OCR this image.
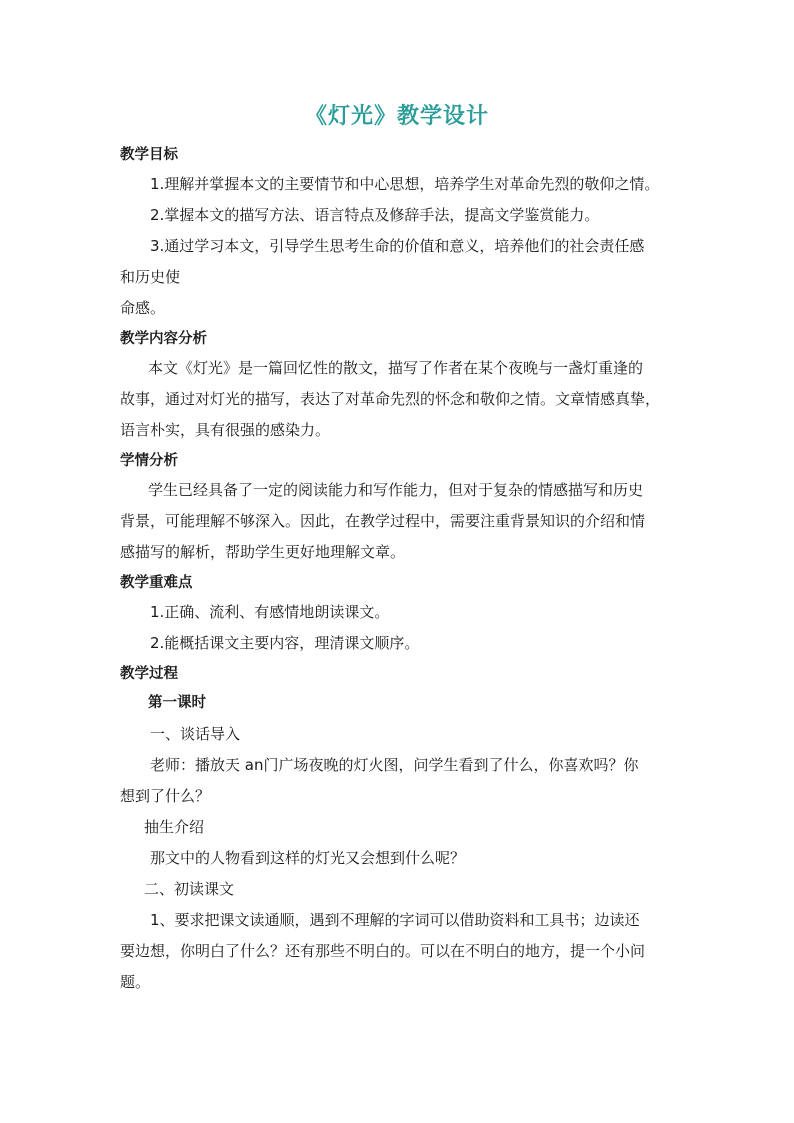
《灯光》教学设计
教学目标
1.理解并掌握本文的主要情节和中心思想，培养学生对革命先烈的敬仰之情。
2.掌握本文的描写方法、语言特点及修辞手法，提高文学鉴赏能力。
3.通过学习本文，引导学生思考生命的价值和意义，培养他们的社会责任感
和历史使
命感。
教学内容分析
本文《灯光》是一篇回忆性的散文，描写了作者在某个夜晚与一盏灯重逢的
故事，通过对灯光的描写，表达了对革命先烈的怀念和敬仰之情。文章情感真挚，
语言朴实，具有很强的感染力。
学情分析
学生已经具备了一定的阅读能力和写作能力，但对于复杂的情感描写和历史
背景，可能理解不够深入。因此，在教学过程中，需要注重背景知识的介绍和情
感描写的解析，帮助学生更好地理解文章。
教学重难点
1.正确、流利、有感情地朗读课文。
2.能概括课文主要内容，理清课文顺序。
教学过程
第一课时
一、谈话导入
老师：播放天 an门广场夜晚的灯火图，问学生看到了什么，你喜欢吗？你
想到了什么？
抽生介绍
那文中的人物看到这样的灯光又会想到什么呢？
二、初读课文
1、要求把课文读通顺，遇到不理解的字词可以借助资料和工具书；边读还
要边想，你明白了什么？还有那些不明白的。可以在不明白的地方，提一个小问
题。
